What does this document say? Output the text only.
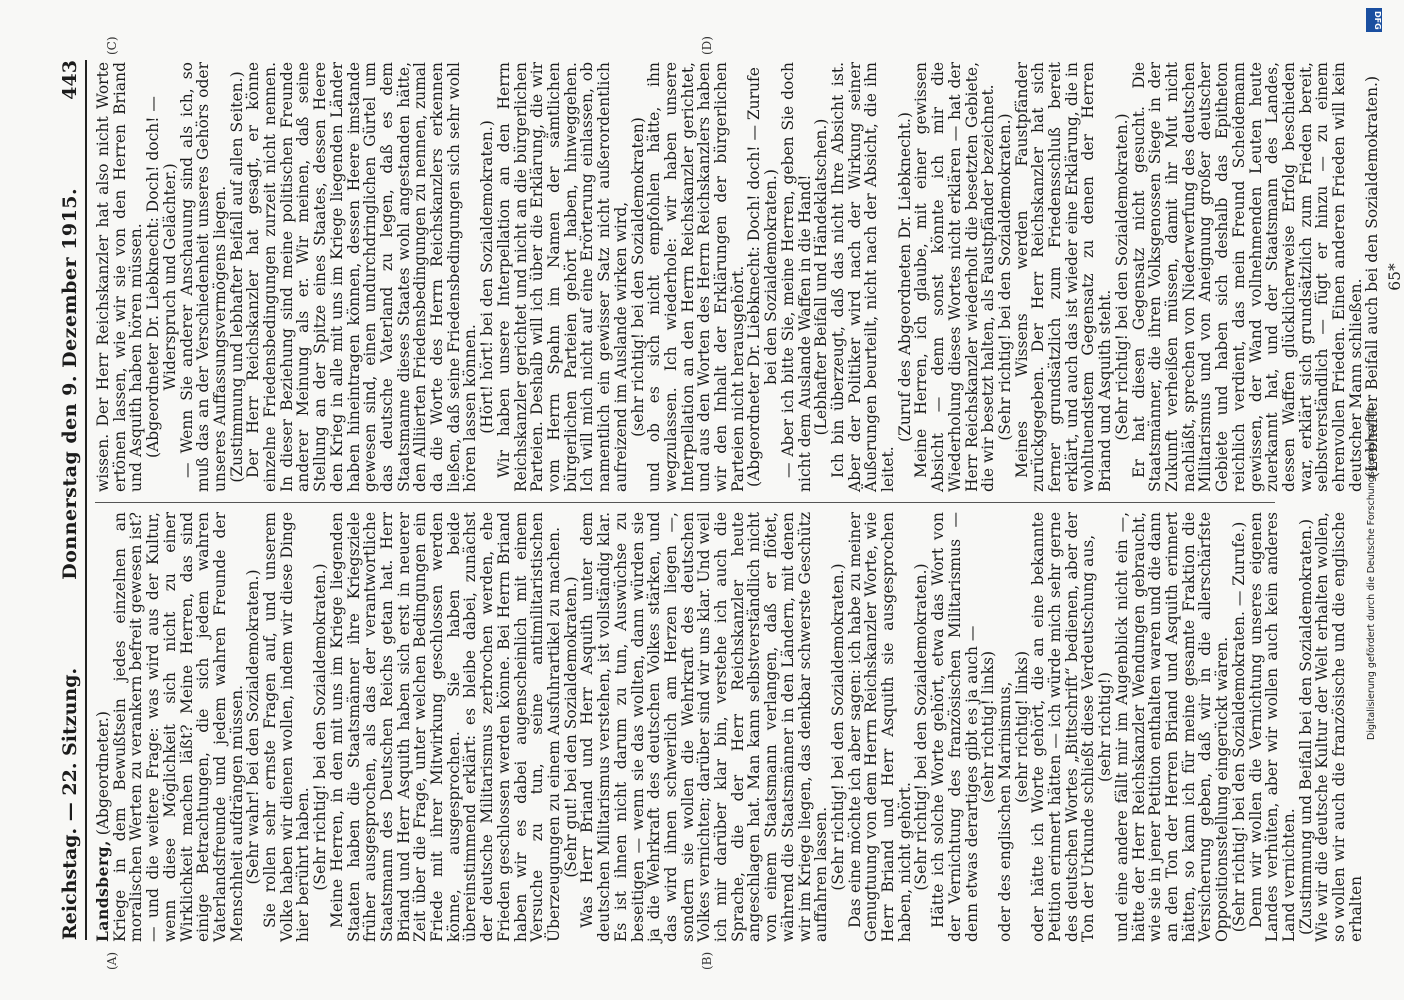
DFG
Digitalisierung gefördert durch die Deutsche Forschungsgemeinschaft
Reichstag. — 22. Sitzung.
Donnerstag den 9. Dezember 1915.
443
(A)	(B)
(C)	(D)

Landsberg, (Abgeordneter.)

Kriege in dem Bewußtsein jedes einzelnen an moralischen Werten zu verankern befreit gewesen ist? — und die weitere Frage: was wird aus der Kultur, wenn diese Möglichkeit sich nicht zu einer Wirklichkeit machen läßt? Meine Herren, das sind einige Betrachtungen, die sich jedem wahren Vaterlandsfreunde und jedem wahren Freunde der Menschheit aufdrängen müssen.

(Sehr wahr! bei den Sozialdemokraten.)

Sie rollen sehr ernste Fragen auf, und unserem Volke haben wir dienen wollen, indem wir diese Dinge hier berührt haben.

(Sehr richtig! bei den Sozialdemokraten.)

Meine Herren, in den mit uns im Kriege liegenden Staaten haben die Staatsmänner ihre Kriegsziele früher ausgesprochen, als das der verantwortliche Staatsmann des Deutschen Reichs getan hat. Herr Briand und Herr Asquith haben sich erst in neuerer Zeit über die Frage, unter welchen Bedingungen ein Friede mit ihrer Mitwirkung geschlossen werden könne, ausgesprochen. Sie haben beide übereinstimmend erklärt: es bleibe dabei, zunächst der deutsche Militarismus zerbrochen werden, ehe Frieden geschlossen werden könne. Bei Herrn Briand haben wir es dabei augenscheinlich mit einem Versuche zu tun, seine antimilitaristischen Überzeugungen zu einem Ausfuhrartikel zu machen.

(Sehr gut! bei den Sozialdemokraten.)

Was Herr Briand und Herr Asquith unter dem deutschen Militarismus verstehen, ist vollständig klar. Es ist ihnen nicht darum zu tun, Auswüchse zu beseitigen — wenn sie das wollten, dann würden sie ja die Wehrkraft des deutschen Volkes stärken, und das wird ihnen schwerlich am Herzen liegen —, sondern sie wollen die Wehrkraft des deutschen Volkes vernichten; darüber sind wir uns klar. Und weil ich mir darüber klar bin, verstehe ich auch die Sprache, die der Herr Reichskanzler heute angeschlagen hat. Man kann selbstverständlich nicht von einem Staatsmann verlangen, daß er flötet, während die Staatsmänner in den Ländern, mit denen wir im Kriege liegen, das denkbar schwerste Geschütz auffahren lassen.

(Sehr richtig! bei den Sozialdemokraten.)

Das eine möchte ich aber sagen: ich habe zu meiner Genugtuung von dem Herrn Reichskanzler Worte, wie Herr Briand und Herr Asquith sie ausgesprochen haben, nicht gehört.

(Sehr richtig! bei den Sozialdemokraten.)

Hätte ich solche Worte gehört, etwa das Wort von der Vernichtung des französischen Militarismus — denn etwas derartiges gibt es ja auch —

(sehr richtig! links)

oder des englischen Marinismus,

(sehr richtig! links)

oder hätte ich Worte gehört, die an eine bekannte Petition erinnert hätten — ich würde mich sehr gerne des deutschen Wortes „Bittschrift“ bedienen, aber der Ton der Urkunde schließt diese Verdeutschung aus,

(sehr richtig!)

und eine andere fällt mir im Augenblick nicht ein —, hätte der Herr Reichskanzler Wendungen gebraucht, wie sie in jener Petition enthalten waren und die dann an den Ton der Herren Briand und Asquith erinnert hätten, so kann ich für meine gesamte Fraktion die Versicherung geben, daß wir in die allerschärfste Oppositionsstellung eingerückt wären.

(Sehr richtig! bei den Sozialdemokraten. — Zurufe.)

Denn wir wollen die Vernichtung unseres eigenen Landes verhüten, aber wir wollen auch kein anderes Land vernichten.

(Zustimmung und Beifall bei den Sozialdemokraten.)

Wie wir die deutsche Kultur der Welt erhalten wollen, so wollen wir auch die französische und die englische erhalten

wissen. Der Herr Reichskanzler hat also nicht Worte ertönen lassen, wie wir sie von den Herren Briand und Asquith haben hören müssen.

(Abgeordneter Dr. Liebknecht: Doch! doch! — Widerspruch und Gelächter.)

— Wenn Sie anderer Anschauung sind als ich, so muß das an der Verschiedenheit unseres Gehörs oder unseres Auffassungsvermögens liegen.

(Zustimmung und lebhafter Beifall auf allen Seiten.)

Der Herr Reichskanzler hat gesagt, er könne einzelne Friedensbedingungen zurzeit nicht nennen. In dieser Beziehung sind meine politischen Freunde anderer Meinung als er. Wir meinen, daß seine Stellung an der Spitze eines Staates, dessen Heere den Krieg in alle mit uns im Kriege liegenden Länder haben hineintragen können, dessen Heere imstande gewesen sind, einen undurchdringlichen Gürtel um das deutsche Vaterland zu legen, daß es dem Staatsmanne dieses Staates wohl angestanden hätte, den Alliierten Friedensbedingungen zu nennen, zumal da die Worte des Herrn Reichskanzlers erkennen ließen, daß seine Friedensbedingungen sich sehr wohl hören lassen können.

(Hört! hört! bei den Sozialdemokraten.)

Wir haben unsere Interpellation an den Herrn Reichskanzler gerichtet und nicht an die bürgerlichen Parteien. Deshalb will ich über die Erklärung, die wir vom Herrn Spahn im Namen der sämtlichen bürgerlichen Parteien gehört haben, hinweggehen. Ich will mich nicht auf eine Erörterung einlassen, ob namentlich ein gewisser Satz nicht außerordentlich aufreizend im Auslande wirken wird,

(sehr richtig! bei den Sozialdemokraten)

und ob es sich nicht empfohlen hätte, ihn wegzulassen. Ich wiederhole: wir haben unsere Interpellation an den Herrn Reichskanzler gerichtet, und aus den Worten des Herrn Reichskanzlers haben wir den Inhalt der Erklärungen der bürgerlichen Parteien nicht herausgehört.

(Abgeordneter Dr. Liebknecht: Doch! doch! — Zurufe bei den Sozialdemokraten.)

— Aber ich bitte Sie, meine Herren, geben Sie doch nicht dem Auslande Waffen in die Hand!

(Lebhafter Beifall und Händeklatschen.)

Ich bin überzeugt, daß das nicht Ihre Absicht ist. Aber der Politiker wird nach der Wirkung seiner Äußerungen beurteilt, nicht nach der Absicht, die ihn leitet.

(Zuruf des Abgeordneten Dr. Liebknecht.)

Meine Herren, ich glaube, mit einer gewissen Absicht — denn sonst könnte ich mir die Wiederholung dieses Wortes nicht erklären — hat der Herr Reichskanzler wiederholt die besetzten Gebiete, die wir besetzt halten, als Faustpfänder bezeichnet.

(Sehr richtig! bei den Sozialdemokraten.)

Meines Wissens werden Faustpfänder zurückgegeben. Der Herr Reichskanzler hat sich ferner grundsätzlich zum Friedensschluß bereit erklärt, und auch das ist wieder eine Erklärung, die in wohltuendstem Gegensatz zu denen der Herren Briand und Asquith steht.

(Sehr richtig! bei den Sozialdemokraten.)

Er hat diesen Gegensatz nicht gesucht. Die Staatsmänner, die ihren Volksgenossen Siege in der Zukunft verheißen müssen, damit ihr Mut nicht nachläßt, sprechen von Niederwerfung des deutschen Militarismus und von Aneignung großer deutscher Gebiete und haben sich deshalb das Epitheton reichlich verdient, das mein Freund Scheidemann gewissen, der Wand vollnehmenden Leuten heute zuerkannt hat, und der Staatsmann des Landes, dessen Waffen glücklicherweise Erfolg beschieden war, erklärt sich grundsätzlich zum Frieden bereit, selbstverständlich — fügt er hinzu — zu einem ehrenvollen Frieden. Einen anderen Frieden will kein deutscher Mann schließen.

(Lebhafter Beifall auch bei den Sozialdemokraten.) 65*
